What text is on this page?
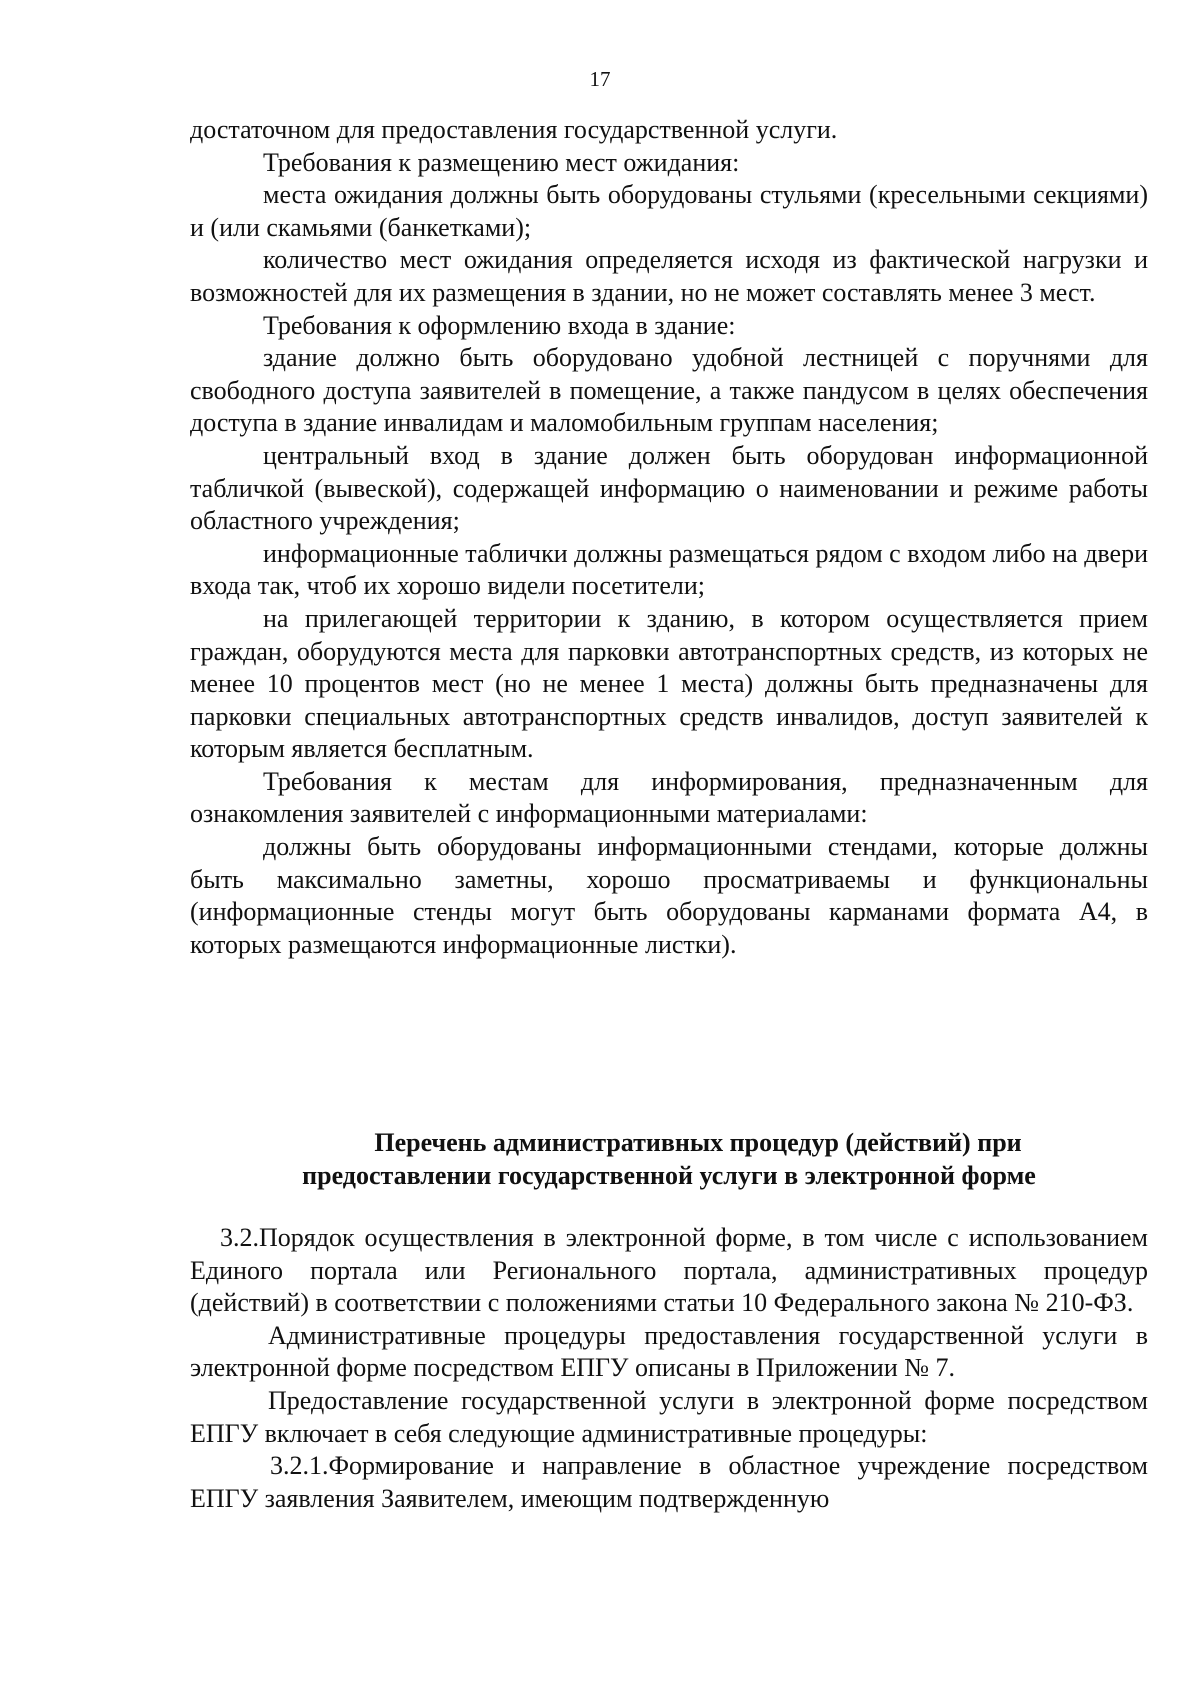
17

достаточном для предоставления государственной услуги.

Требования к размещению мест ожидания:

места ожидания должны быть оборудованы стульями (кресельными секциями) и (или скамьями (банкетками);

количество мест ожидания определяется исходя из фактической нагрузки и возможностей для их размещения в здании, но не может составлять менее 3 мест.

Требования к оформлению входа в здание:

здание должно быть оборудовано удобной лестницей с поручнями для свободного доступа заявителей в помещение, а также пандусом в целях обеспечения доступа в здание инвалидам и маломобильным группам населения;

центральный вход в здание должен быть оборудован информационной табличкой (вывеской), содержащей информацию о наименовании и режиме работы областного учреждения;

информационные таблички должны размещаться рядом с входом либо на двери входа так, чтоб их хорошо видели посетители;

на прилегающей территории к зданию, в котором осуществляется прием граждан, оборудуются места для парковки автотранспортных средств, из которых не менее 10 процентов мест (но не менее 1 места) должны быть предназначены для парковки специальных автотранспортных средств инвалидов, доступ заявителей к которым является бесплатным.

Требования к местам для информирования, предназначенным для ознакомления заявителей с информационными материалами:

должны быть оборудованы информационными стендами, которые должны быть максимально заметны, хорошо просматриваемы и функциональны (информационные стенды могут быть оборудованы карманами формата А4, в которых размещаются информационные листки).

Перечень административных процедур (действий) при
предоставлении государственной услуги в электронной форме

3.2.Порядок осуществления в электронной форме, в том числе с использованием Единого портала или Регионального портала, административных процедур (действий) в соответствии с положениями статьи 10 Федерального закона № 210-ФЗ.

Административные процедуры предоставления государственной услуги в электронной форме посредством ЕПГУ описаны в Приложении № 7.

Предоставление государственной услуги в электронной форме посредством ЕПГУ включает в себя следующие административные процедуры:

3.2.1.Формирование и направление в областное учреждение посредством ЕПГУ заявления Заявителем, имеющим подтвержденную
